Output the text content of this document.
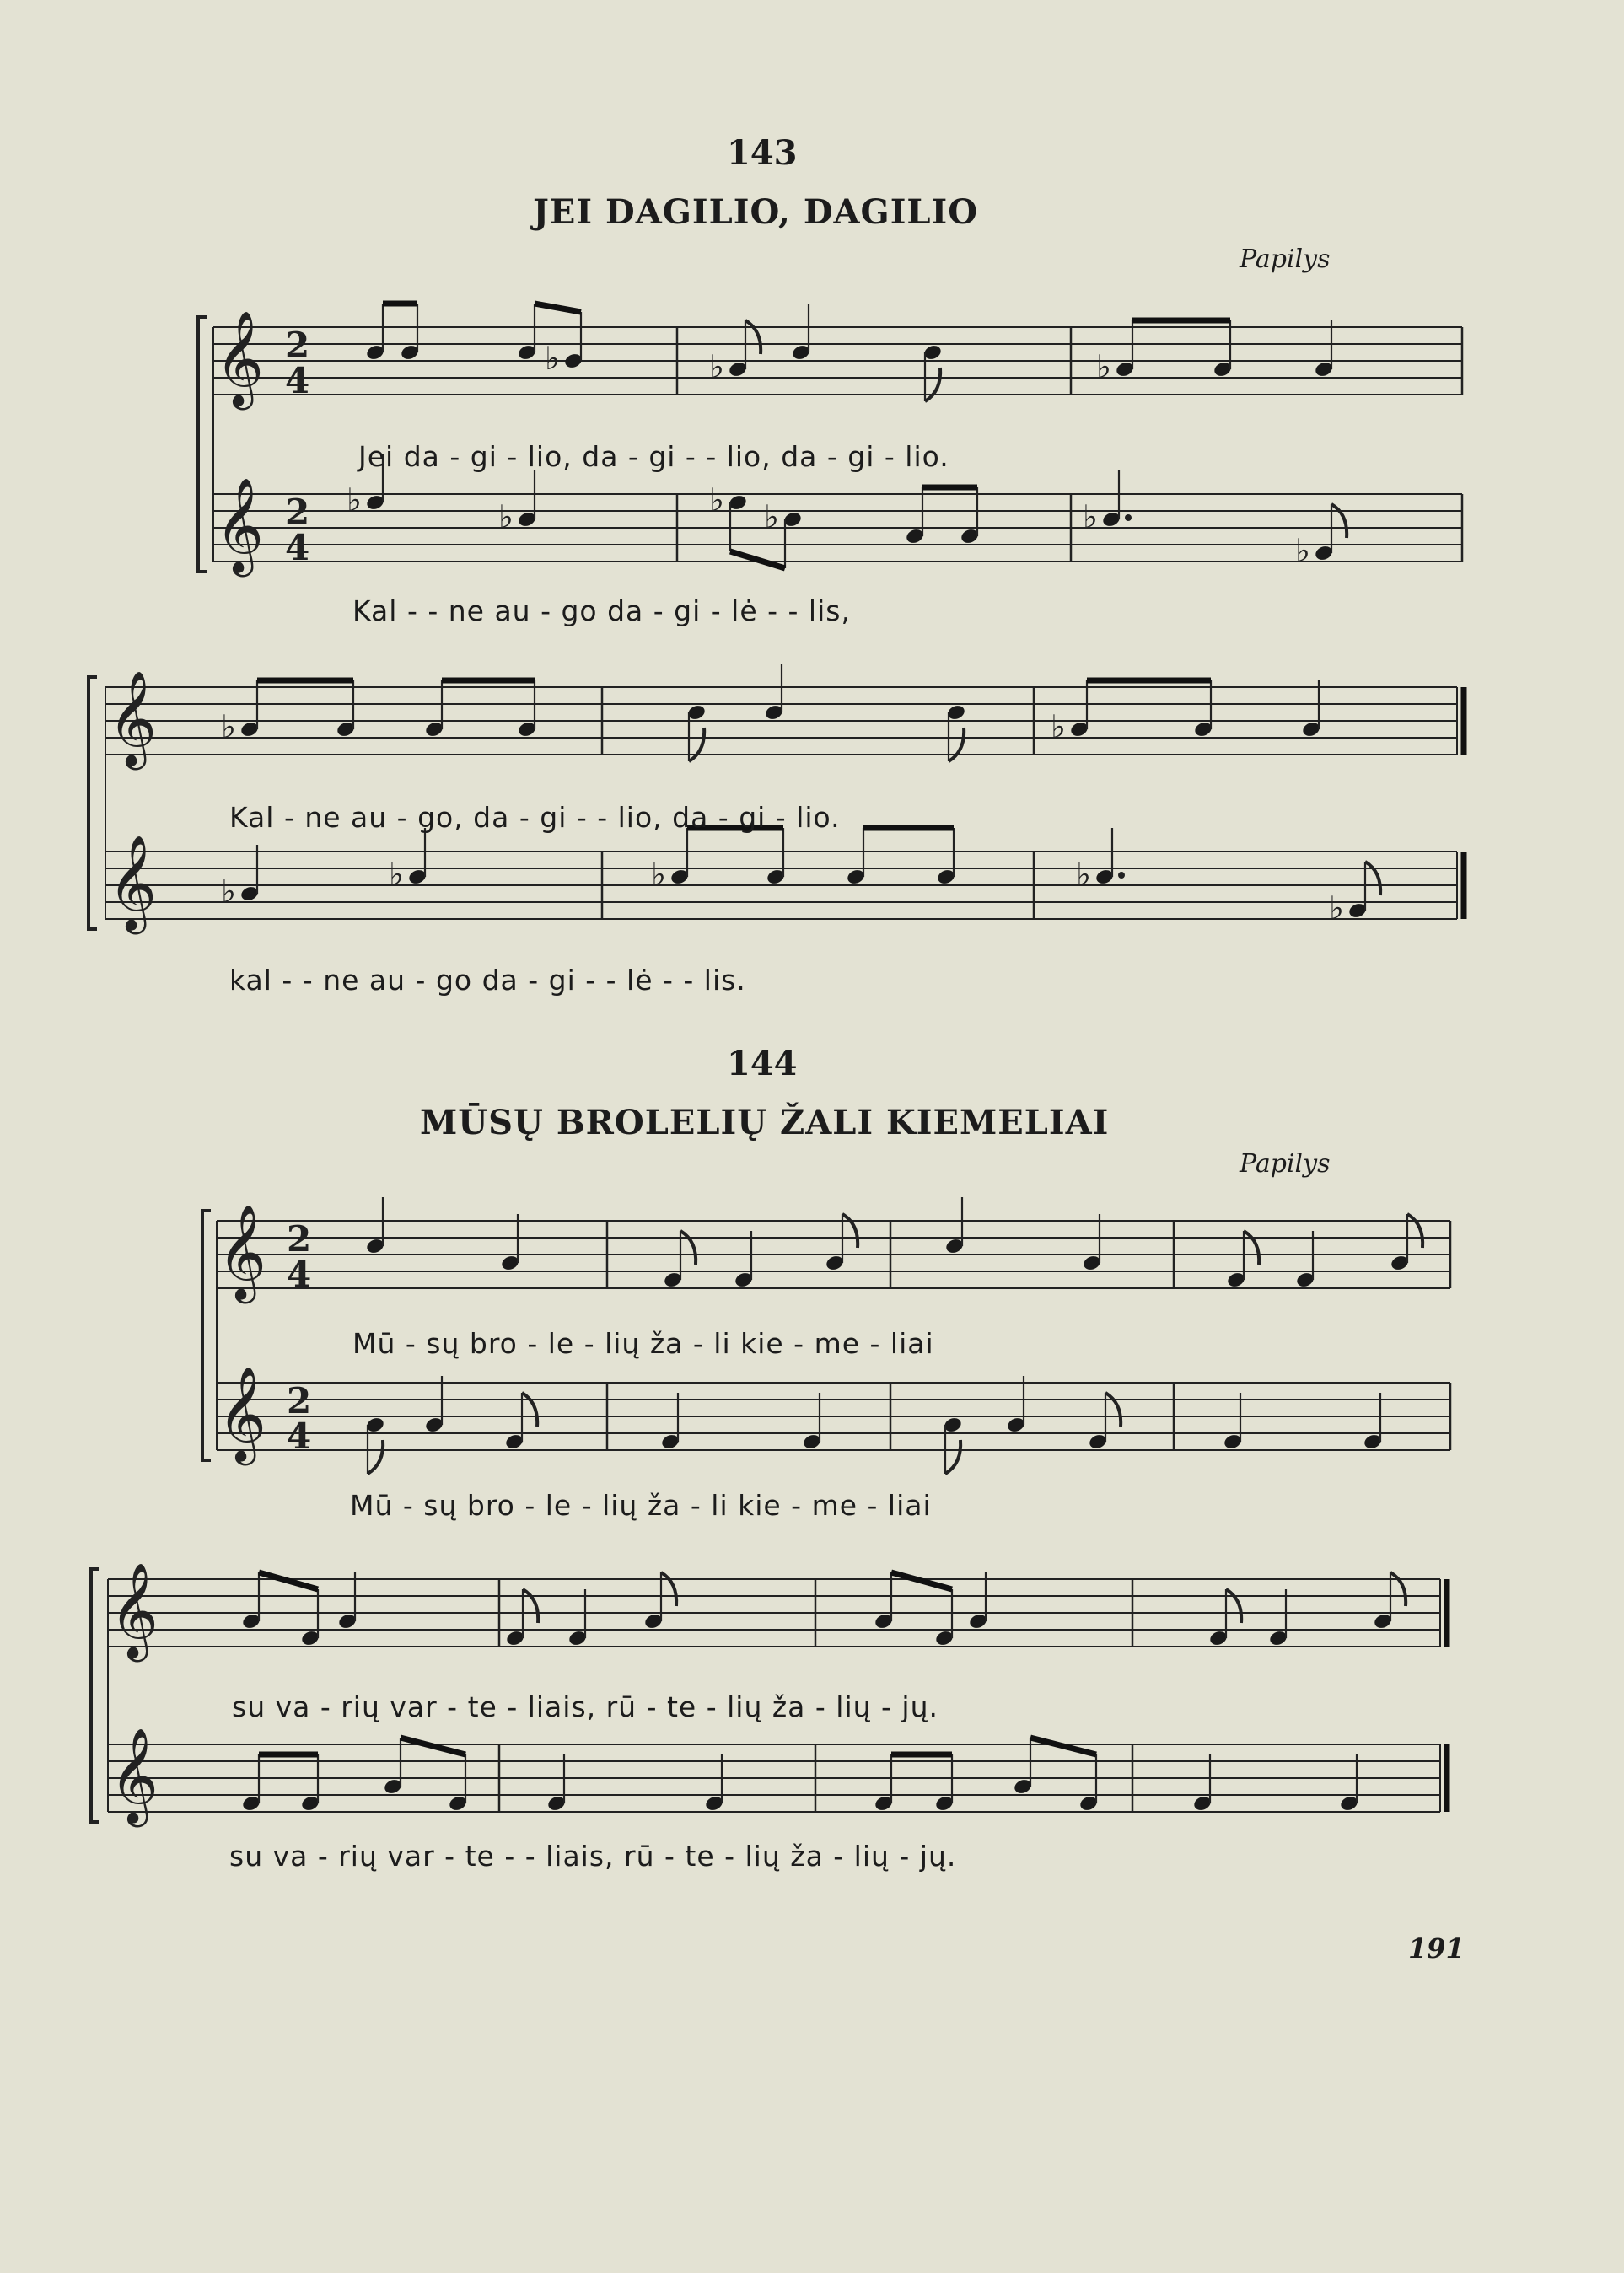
143
JEI DAGILIO, DAGILIO
Papilys
𝄞
𝄞
2
4
2
4
♭	♭	♭
♭	♭	♭ ♭	♭
♭
𝄞
𝄞
♭	♭
♭	♭	♭	♭
♭
𝄞
𝄞
2
4
2
4
𝄞
𝄞
Jei da - gi - lio, da - gi - - lio, da - gi - lio.
Kal - - ne au - go da - gi - lė - - lis,
Kal - ne au - go, da - gi - - lio, da - gi - lio.
kal - - ne au - go da - gi - - lė - - lis.
144
MŪSŲ BROLELIŲ ŽALI KIEMELIAI
Papilys
Mū - sų bro - le - lių ža - li kie - me - liai
Mū - sų bro - le - lių ža - li kie - me - liai
su va - rių var - te - liais, rū - te - lių ža - lių - jų.
su va - rių var - te - - liais, rū - te - lių ža - lių - jų.
191
